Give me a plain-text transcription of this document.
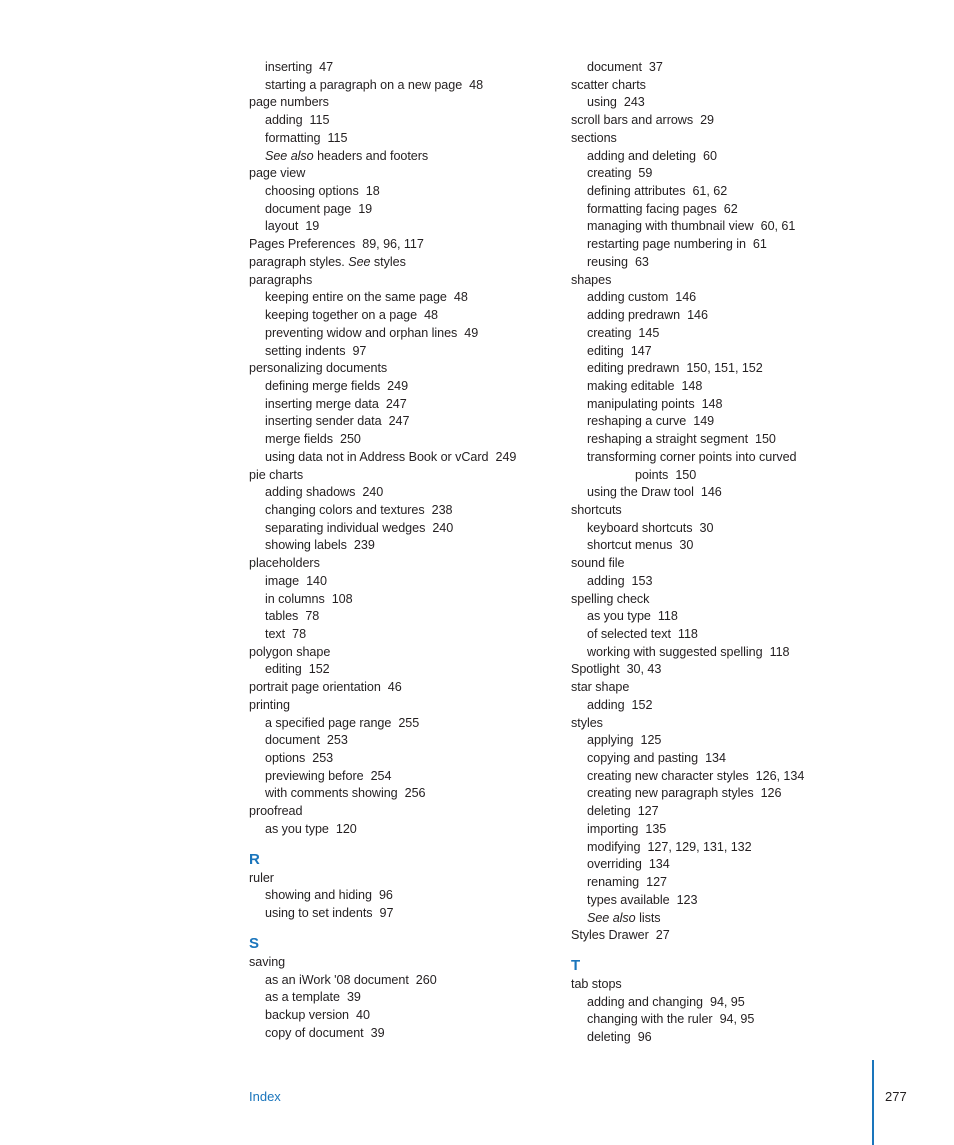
inserting 47
starting a paragraph on a new page 48
page numbers
adding 115
formatting 115
See also headers and footers
page view
choosing options 18
document page 19
layout 19
Pages Preferences 89, 96, 117
paragraph styles. See styles
paragraphs
keeping entire on the same page 48
keeping together on a page 48
preventing widow and orphan lines 49
setting indents 97
personalizing documents
defining merge fields 249
inserting merge data 247
inserting sender data 247
merge fields 250
using data not in Address Book or vCard 249
pie charts
adding shadows 240
changing colors and textures 238
separating individual wedges 240
showing labels 239
placeholders
image 140
in columns 108
tables 78
text 78
polygon shape
editing 152
portrait page orientation 46
printing
a specified page range 255
document 253
options 253
previewing before 254
with comments showing 256
proofread
as you type 120
R
ruler
showing and hiding 96
using to set indents 97
S
saving
as an iWork '08 document 260
as a template 39
backup version 40
copy of document 39
document 37
scatter charts
using 243
scroll bars and arrows 29
sections
adding and deleting 60
creating 59
defining attributes 61, 62
formatting facing pages 62
managing with thumbnail view 60, 61
restarting page numbering in 61
reusing 63
shapes
adding custom 146
adding predrawn 146
creating 145
editing 147
editing predrawn 150, 151, 152
making editable 148
manipulating points 148
reshaping a curve 149
reshaping a straight segment 150
transforming corner points into curved
points 150
using the Draw tool 146
shortcuts
keyboard shortcuts 30
shortcut menus 30
sound file
adding 153
spelling check
as you type 118
of selected text 118
working with suggested spelling 118
Spotlight 30, 43
star shape
adding 152
styles
applying 125
copying and pasting 134
creating new character styles 126, 134
creating new paragraph styles 126
deleting 127
importing 135
modifying 127, 129, 131, 132
overriding 134
renaming 127
types available 123
See also lists
Styles Drawer 27
T
tab stops
adding and changing 94, 95
changing with the ruler 94, 95
deleting 96
Index	277
